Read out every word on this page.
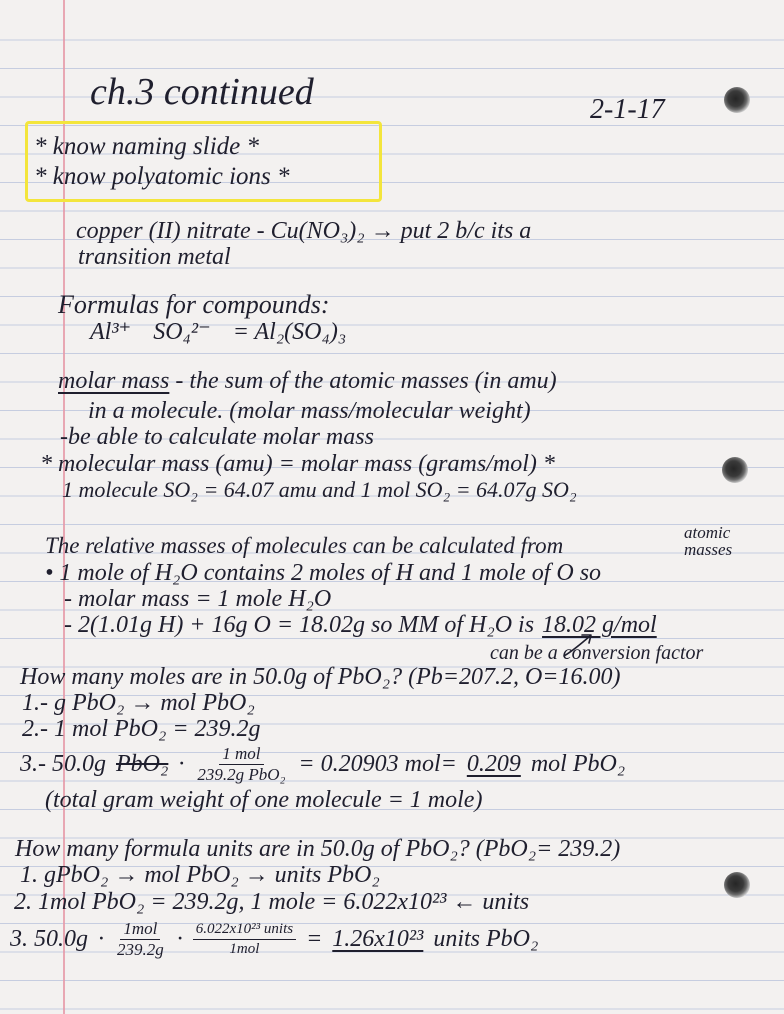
ch.3 continued	2-1-17
* know naming slide *
* know polyatomic ions *
copper (II) nitrate - Cu(NO₃)₂ → put 2 b/c its a
transition metal
Formulas for compounds:
Al³⁺ SO₄²⁻ = Al₂(SO₄)₃
molar mass - the sum of the atomic masses (in amu)
in a molecule. (molar mass/molecular weight)
-be able to calculate molar mass
* molecular mass (amu) = molar mass (grams/mol) *
1 molecule SO₂ = 64.07 amu and 1 mol SO₂ = 64.07g SO₂
The relative masses of molecules can be calculated from
atomic
masses
• 1 mole of H₂O contains 2 moles of H and 1 mole of O so
- molar mass = 1 mole H₂O
- 2(1.01g H) + 16g O = 18.02g so MM of H₂O is 18.02 g/mol
can be a conversion factor
How many moles are in 50.0g of PbO₂? (Pb=207.2, O=16.00)
1.- g PbO₂ → mol PbO₂
2.- 1 mol PbO₂ = 239.2g
3.- 50.0g $PbO_2 \cdot \frac{\text{1 mol}}{\text{239.2g PbO₂}} = 0.20903$ mol= 0.209 mol PbO₂
(total gram weight of one molecule = 1 mole)
How many formula units are in 50.0g of PbO₂? (PbO₂= 239.2)
1. gPbO₂ → mol PbO₂ → units PbO₂
2. 1mol PbO₂ = 239.2g, 1 mole = 6.022x10²³ ← units
3. $50.0g \cdot \frac{\text{1mol}}{239.2g} \cdot \frac{\text{6.022x10²³ units}}{\text{1mol}} = 1.26x10^{23}$ units PbO₂
